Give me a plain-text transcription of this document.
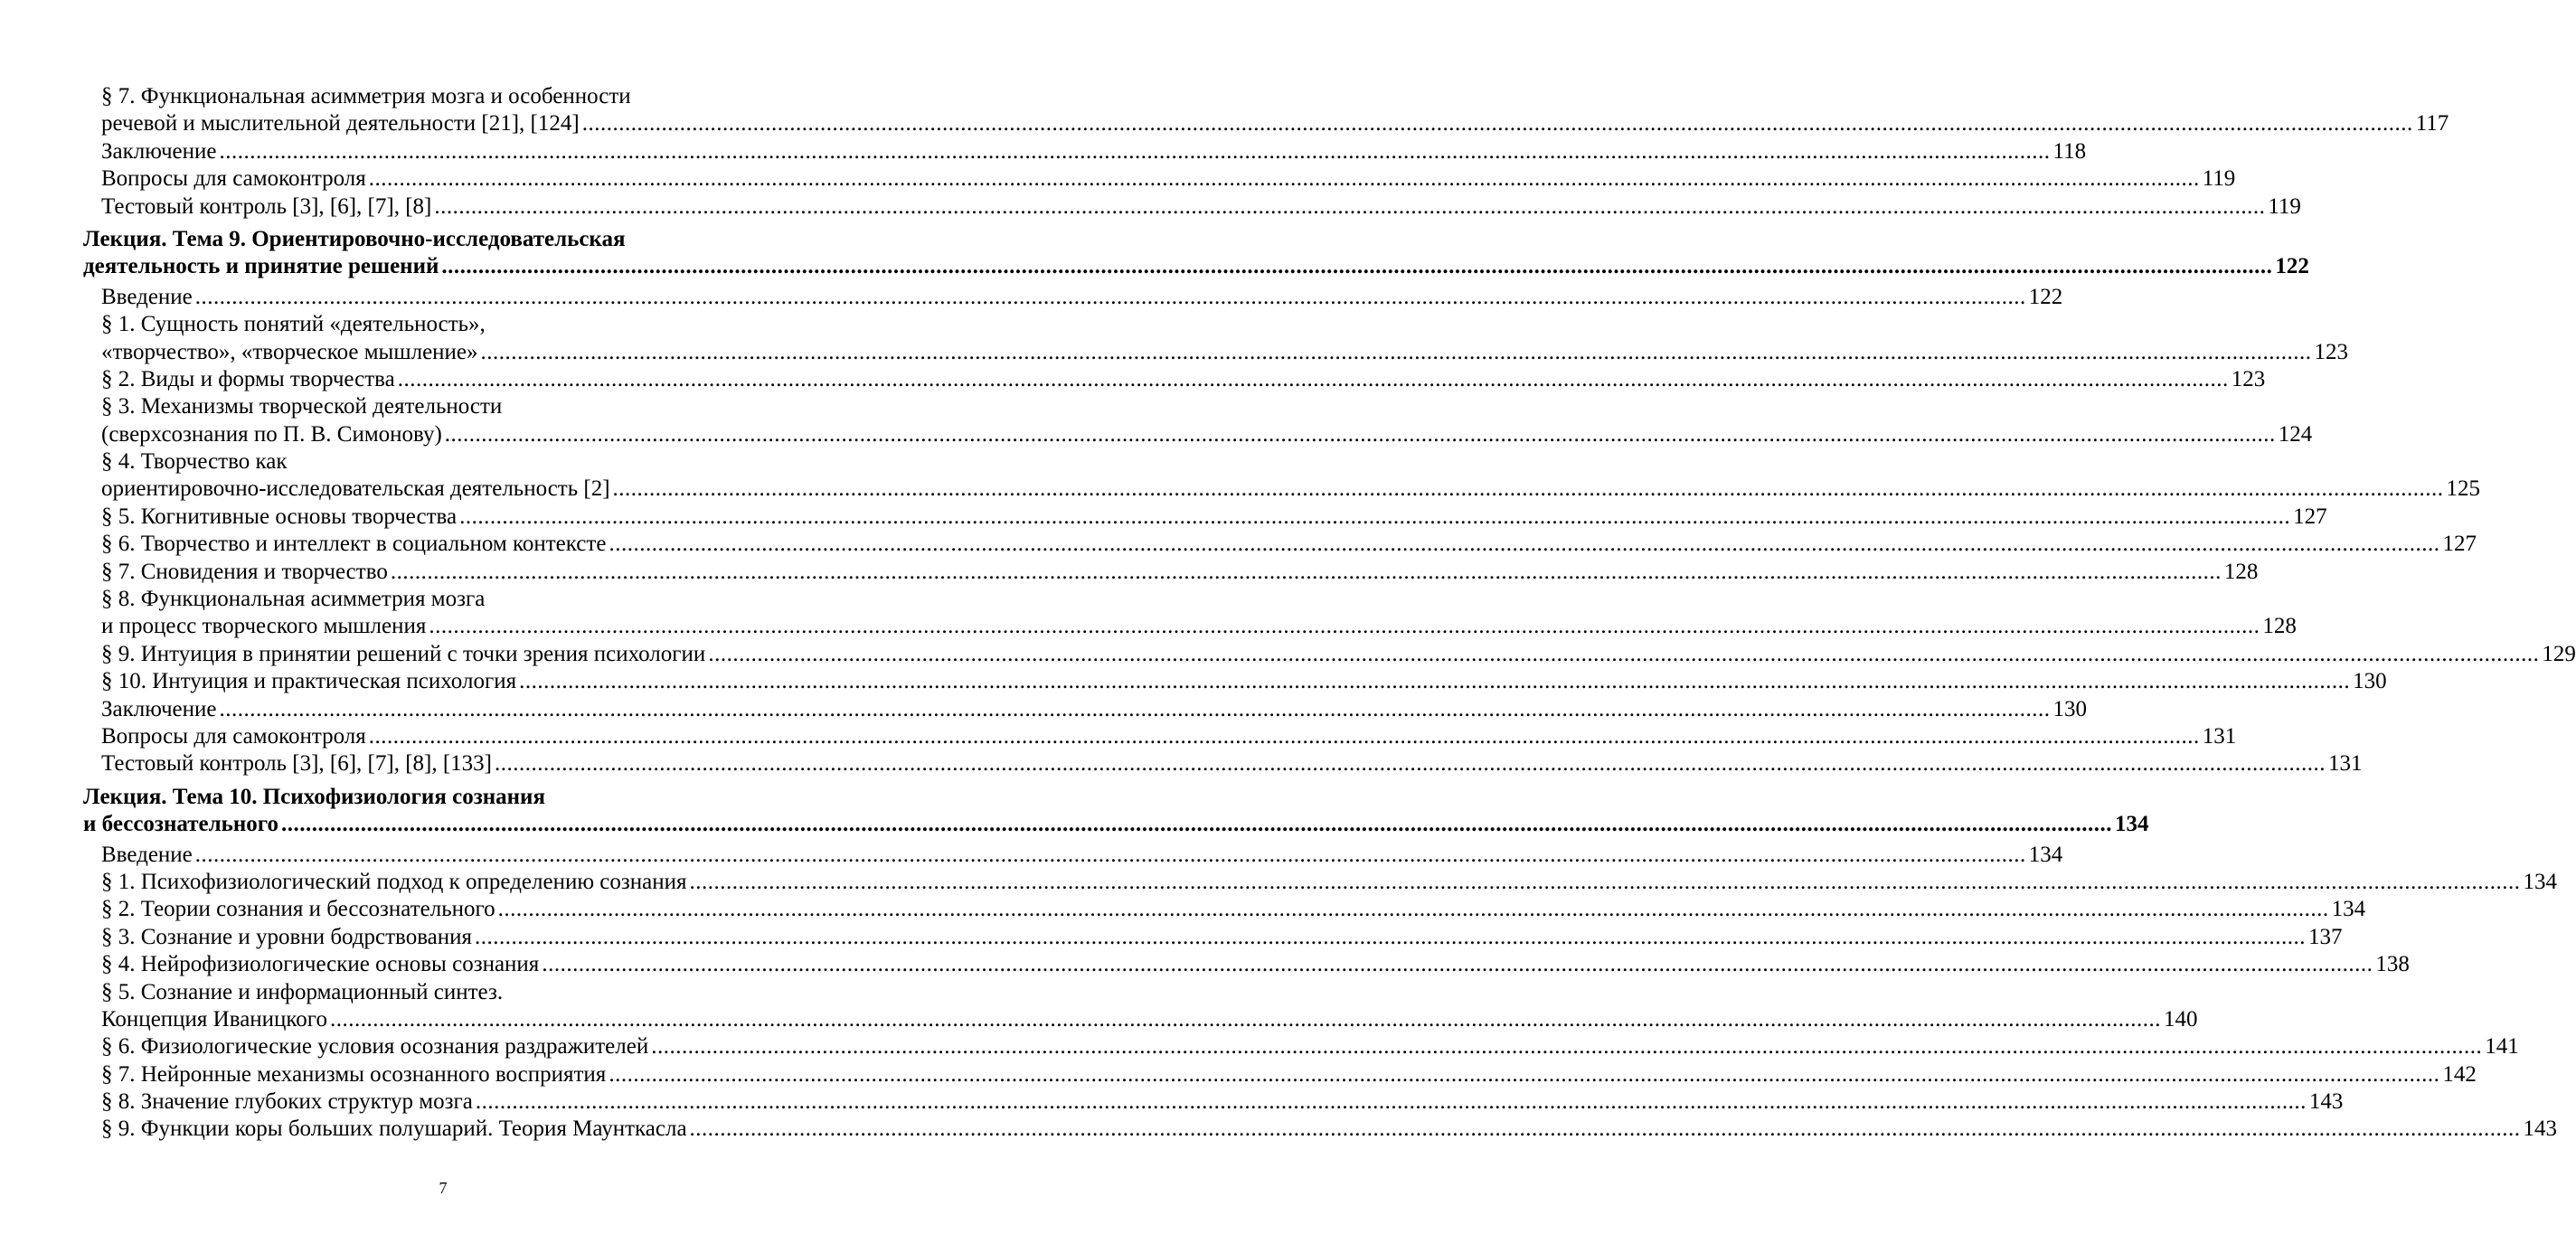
§ 7. Функциональная асимметрия мозга и особенности
речевой и мыслительной деятельности [21], [124] ............................................................................................................................................................................................................................................................................................................ 117
Заключение ............................................................................................................................................................................................................................................................................................................ 118
Вопросы для самоконтроля ............................................................................................................................................................................................................................................................................................................ 119
Тестовый контроль [3], [6], [7], [8] ............................................................................................................................................................................................................................................................................................................ 119
Лекция. Тема 9. Ориентировочно-исследовательская
деятельность и принятие решений ............................................................................................................................................................................................................................................................................................................ 122
Введение ............................................................................................................................................................................................................................................................................................................ 122
§ 1. Сущность понятий «деятельность»,
«творчество», «творческое мышление» ............................................................................................................................................................................................................................................................................................................ 123
§ 2. Виды и формы творчества ............................................................................................................................................................................................................................................................................................................ 123
§ 3. Механизмы творческой деятельности
(сверхсознания по П. В. Симонову) ............................................................................................................................................................................................................................................................................................................ 124
§ 4. Творчество как
ориентировочно-исследовательская деятельность [2] ............................................................................................................................................................................................................................................................................................................ 125
§ 5. Когнитивные основы творчества ............................................................................................................................................................................................................................................................................................................ 127
§ 6. Творчество и интеллект в социальном контексте ............................................................................................................................................................................................................................................................................................................ 127
§ 7. Сновидения и творчество ............................................................................................................................................................................................................................................................................................................ 128
§ 8. Функциональная асимметрия мозга
и процесс творческого мышления ............................................................................................................................................................................................................................................................................................................ 128
§ 9. Интуиция в принятии решений с точки зрения психологии ............................................................................................................................................................................................................................................................................................................ 129
§ 10. Интуиция и практическая психология ............................................................................................................................................................................................................................................................................................................ 130
Заключение ............................................................................................................................................................................................................................................................................................................ 130
Вопросы для самоконтроля ............................................................................................................................................................................................................................................................................................................ 131
Тестовый контроль [3], [6], [7], [8], [133] ............................................................................................................................................................................................................................................................................................................ 131
Лекция. Тема 10. Психофизиология сознания
и бессознательного ............................................................................................................................................................................................................................................................................................................ 134
Введение ............................................................................................................................................................................................................................................................................................................ 134
§ 1. Психофизиологический подход к определению сознания ............................................................................................................................................................................................................................................................................................................ 134
§ 2. Теории сознания и бессознательного ............................................................................................................................................................................................................................................................................................................ 134
§ 3. Сознание и уровни бодрствования ............................................................................................................................................................................................................................................................................................................ 137
§ 4. Нейрофизиологические основы сознания ............................................................................................................................................................................................................................................................................................................ 138
§ 5. Сознание и информационный синтез.
Концепция Иваницкого ............................................................................................................................................................................................................................................................................................................ 140
§ 6. Физиологические условия осознания раздражителей ............................................................................................................................................................................................................................................................................................................ 141
§ 7. Нейронные механизмы осознанного восприятия ............................................................................................................................................................................................................................................................................................................ 142
§ 8. Значение глубоких структур мозга ............................................................................................................................................................................................................................................................................................................ 143
§ 9. Функции коры больших полушарий. Теория Маунткасла ............................................................................................................................................................................................................................................................................................................ 143
7
